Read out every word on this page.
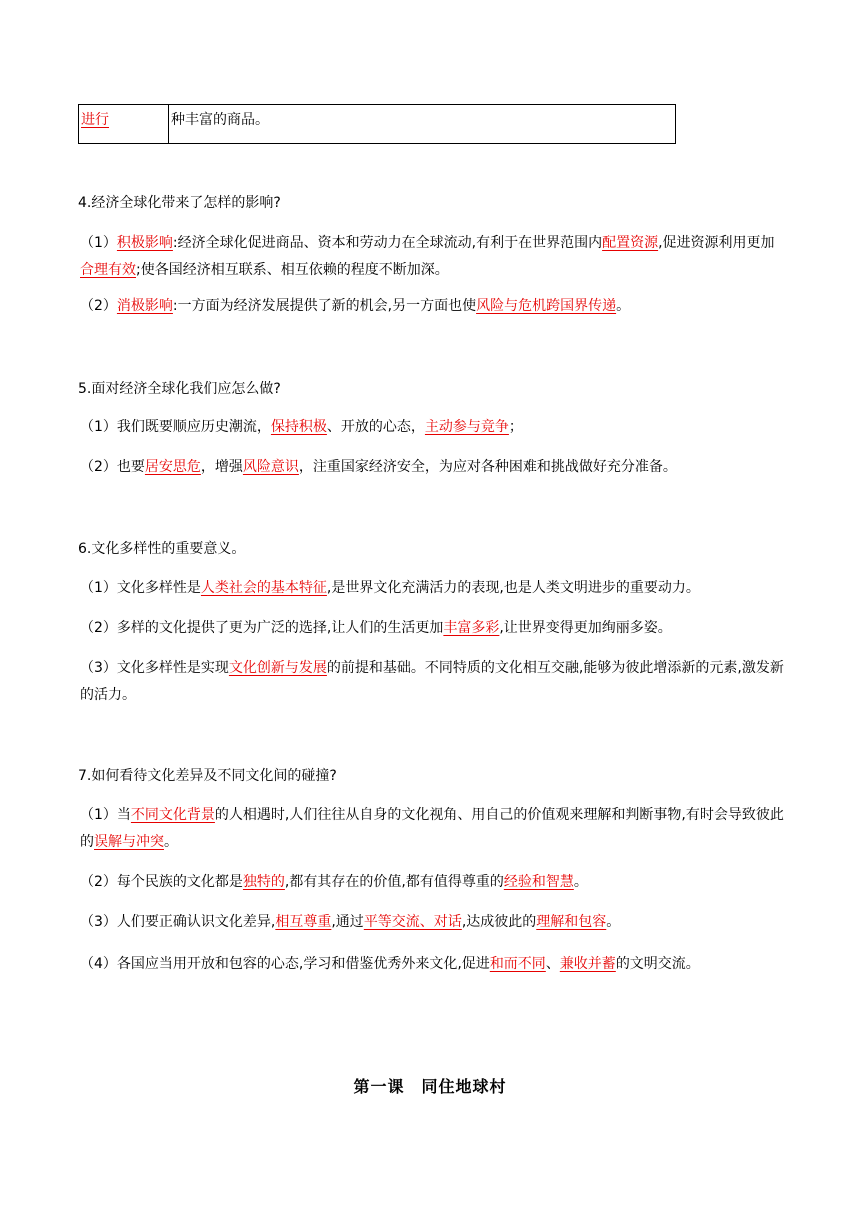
进行	种丰富的商品。
4.经济全球化带来了怎样的影响?
（1）积极影响:经济全球化促进商品、资本和劳动力在全球流动,有利于在世界范围内配置资源,促进资源利用更加合理有效;使各国经济相互联系、相互依赖的程度不断加深。
（2）消极影响:一方面为经济发展提供了新的机会,另一方面也使风险与危机跨国界传递。
5.面对经济全球化我们应怎么做?
（1）我们既要顺应历史潮流，保持积极、开放的心态，主动参与竞争；
（2）也要居安思危，增强风险意识，注重国家经济安全，为应对各种困难和挑战做好充分准备。
6.文化多样性的重要意义。
（1）文化多样性是人类社会的基本特征,是世界文化充满活力的表现,也是人类文明进步的重要动力。
（2）多样的文化提供了更为广泛的选择,让人们的生活更加丰富多彩,让世界变得更加绚丽多姿。
（3）文化多样性是实现文化创新与发展的前提和基础。不同特质的文化相互交融,能够为彼此增添新的元素,激发新的活力。
7.如何看待文化差异及不同文化间的碰撞?
（1）当不同文化背景的人相遇时,人们往往从自身的文化视角、用自己的价值观来理解和判断事物,有时会导致彼此的误解与冲突。
（2）每个民族的文化都是独特的,都有其存在的价值,都有值得尊重的经验和智慧。
（3）人们要正确认识文化差异,相互尊重,通过平等交流、对话,达成彼此的理解和包容。
（4）各国应当用开放和包容的心态,学习和借鉴优秀外来文化,促进和而不同、兼收并蓄的文明交流。
第一课　同住地球村
